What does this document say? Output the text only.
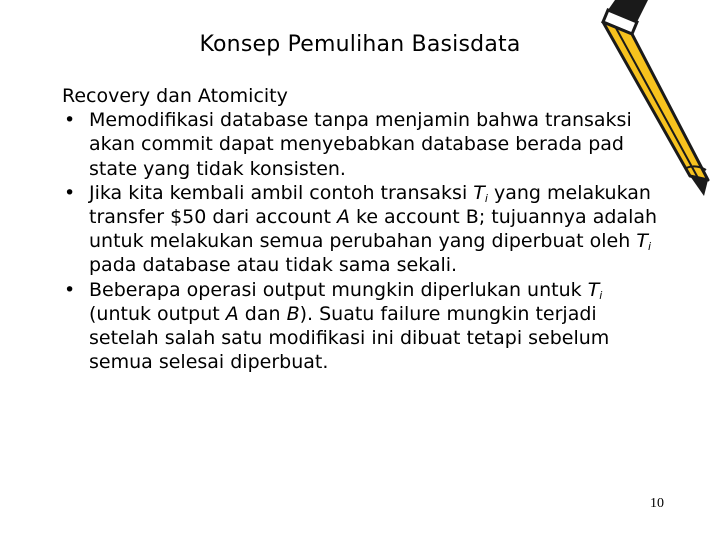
Konsep Pemulihan Basisdata

Recovery dan Atomicity

• Memodifikasi database tanpa menjamin bahwa transaksi akan commit dapat menyebabkan database berada pad state yang tidak konsisten.
• Jika kita kembali ambil contoh transaksi $T_i$ yang melakukan transfer $50 dari account A ke account B; tujuannya adalah untuk melakukan semua perubahan yang diperbuat oleh $T_i$ pada database atau tidak sama sekali.
• Beberapa operasi output mungkin diperlukan untuk $T_i$ (untuk output A dan B). Suatu failure mungkin terjadi setelah salah satu modifikasi ini dibuat tetapi sebelum semua selesai diperbuat.
10
